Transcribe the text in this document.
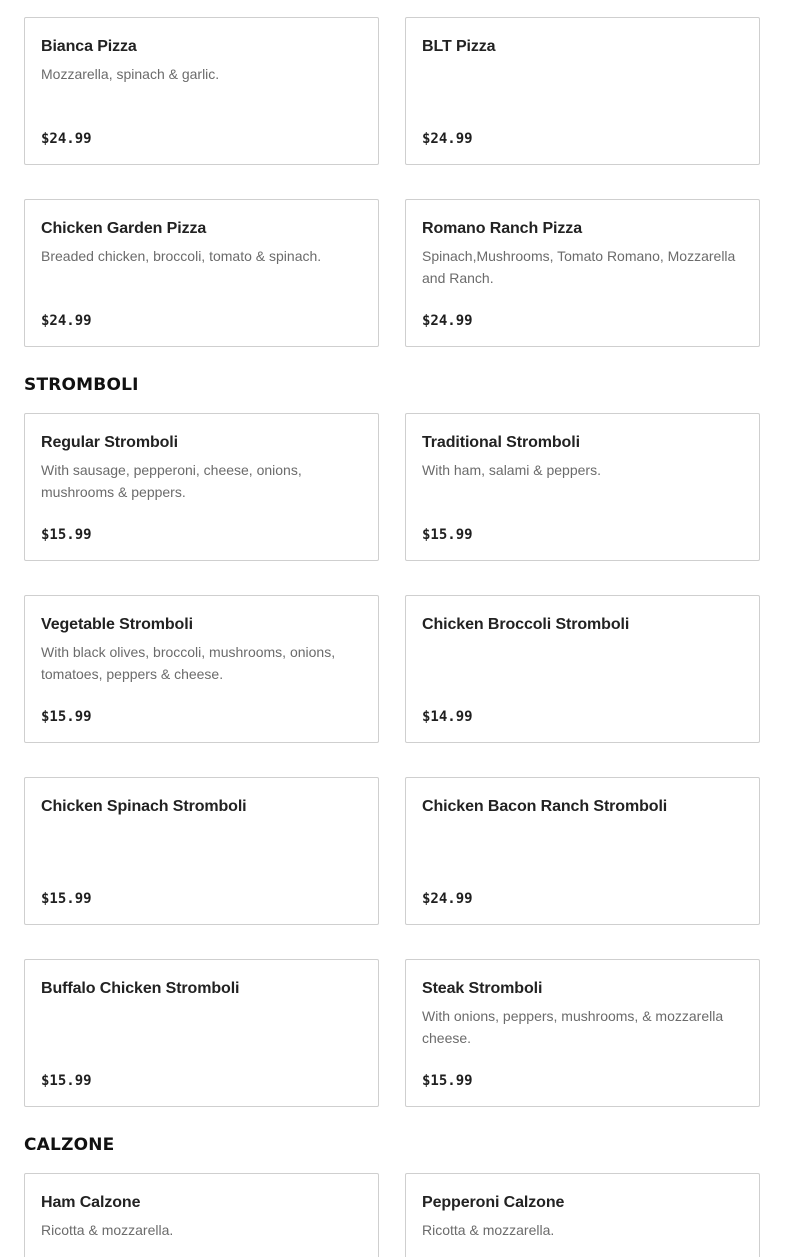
Bianca Pizza
Mozzarella, spinach & garlic.
$24.99
BLT Pizza
$24.99
Chicken Garden Pizza
Breaded chicken, broccoli, tomato & spinach.
$24.99
Romano Ranch Pizza
Spinach,Mushrooms, Tomato Romano, Mozzarella and Ranch.
$24.99
STROMBOLI
Regular Stromboli
With sausage, pepperoni, cheese, onions, mushrooms & peppers.
$15.99
Traditional Stromboli
With ham, salami & peppers.
$15.99
Vegetable Stromboli
With black olives, broccoli, mushrooms, onions, tomatoes, peppers & cheese.
$15.99
Chicken Broccoli Stromboli
$14.99
Chicken Spinach Stromboli
$15.99
Chicken Bacon Ranch Stromboli
$24.99
Buffalo Chicken Stromboli
$15.99
Steak Stromboli
With onions, peppers, mushrooms, & mozzarella cheese.
$15.99
CALZONE
Ham Calzone
Ricotta & mozzarella.
Pepperoni Calzone
Ricotta & mozzarella.
